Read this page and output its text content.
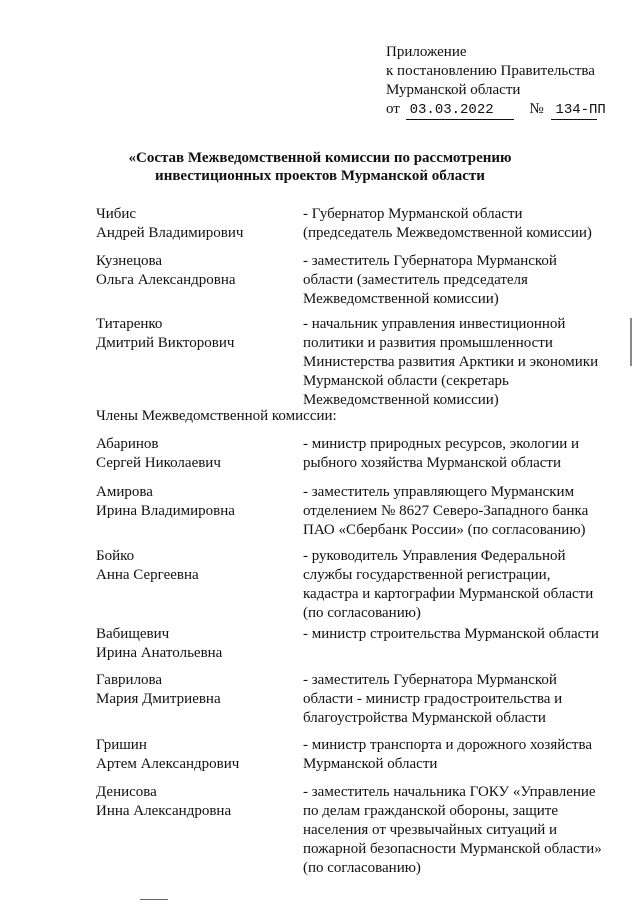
Приложение
к постановлению Правительства
Мурманской области
от 03.03.2022 № 134-ПП
«Состав Межведомственной комиссии по рассмотрению
инвестиционных проектов Мурманской области
Чибис
Андрей Владимирович
- Губернатор Мурманской области
(председатель Межведомственной комиссии)
Кузнецова
Ольга Александровна
- заместитель Губернатора Мурманской
области (заместитель председателя
Межведомственной комиссии)
Титаренко
Дмитрий Викторович
- начальник управления инвестиционной
политики и развития промышленности
Министерства развития Арктики и экономики
Мурманской области (секретарь
Межведомственной комиссии)
Члены Межведомственной комиссии:
Абаринов
Сергей Николаевич
- министр природных ресурсов, экологии и
рыбного хозяйства Мурманской области
Амирова
Ирина Владимировна
- заместитель управляющего Мурманским
отделением № 8627 Северо-Западного банка
ПАО «Сбербанк России» (по согласованию)
Бойко
Анна Сергеевна
- руководитель Управления Федеральной
службы государственной регистрации,
кадастра и картографии Мурманской области
(по согласованию)
Вабищевич
Ирина Анатольевна
- министр строительства Мурманской области
Гаврилова
Мария Дмитриевна
- заместитель Губернатора Мурманской
области - министр градостроительства и
благоустройства Мурманской области
Гришин
Артем Александрович
- министр транспорта и дорожного хозяйства
Мурманской области
Денисова
Инна Александровна
- заместитель начальника ГОКУ «Управление
по делам гражданской обороны, защите
населения от чрезвычайных ситуаций и
пожарной безопасности Мурманской области»
(по согласованию)
